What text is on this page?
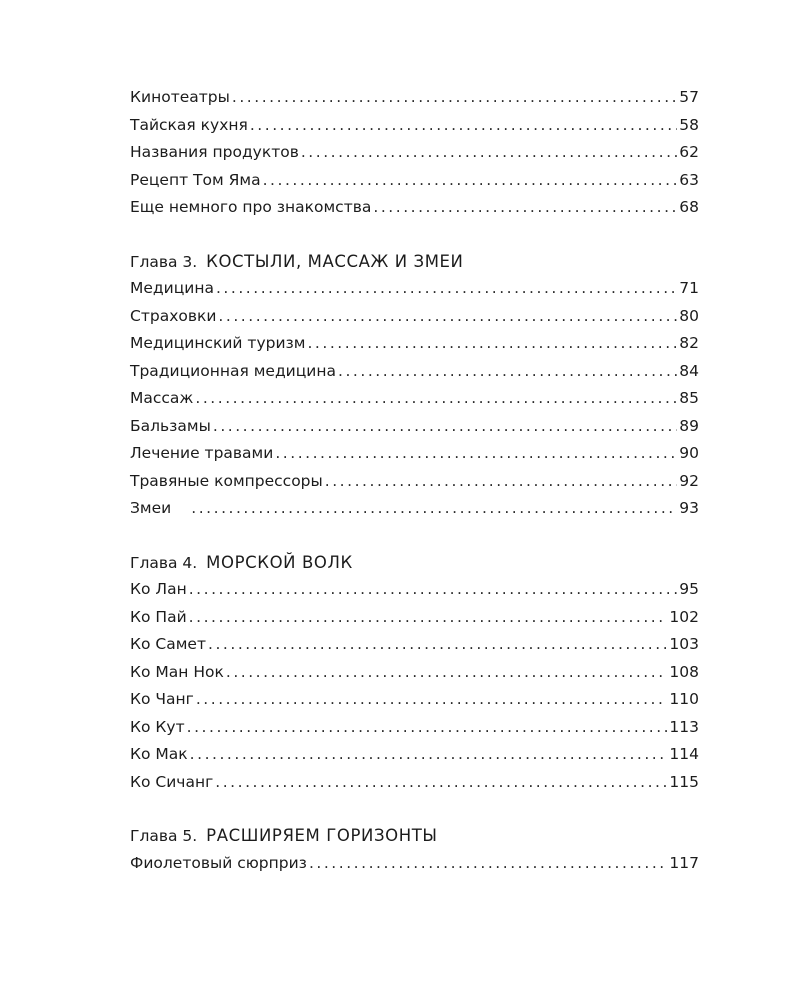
Кинотеатры . . .	57
Тайская кухня . . .	58
Названия продуктов . . .	62
Рецепт Том Яма . . .	63
Еще немного про знакомства . . .	68
Глава 3. КОСТЫЛИ, МАССАЖ И ЗМЕИ
Медицина . . .	71
Страховки . . .	80
Медицинский туризм . . .	82
Традиционная медицина . . .	84
Массаж . . .	85
Бальзамы . . .	89
Лечение травами . . .	90
Травяные компрессоры . . .	92
Змеи . . .	93
Глава 4. МОРСКОЙ ВОЛК
Ко Лан . . .	95
Ко Пай . . .	102
Ко Самет . . .	103
Ко Ман Нок . . .	108
Ко Чанг . . .	110
Ко Кут . . .	113
Ко Мак . . .	114
Ко Сичанг . . .	115
Глава 5. РАСШИРЯЕМ ГОРИЗОНТЫ
Фиолетовый сюрприз . . .	117
